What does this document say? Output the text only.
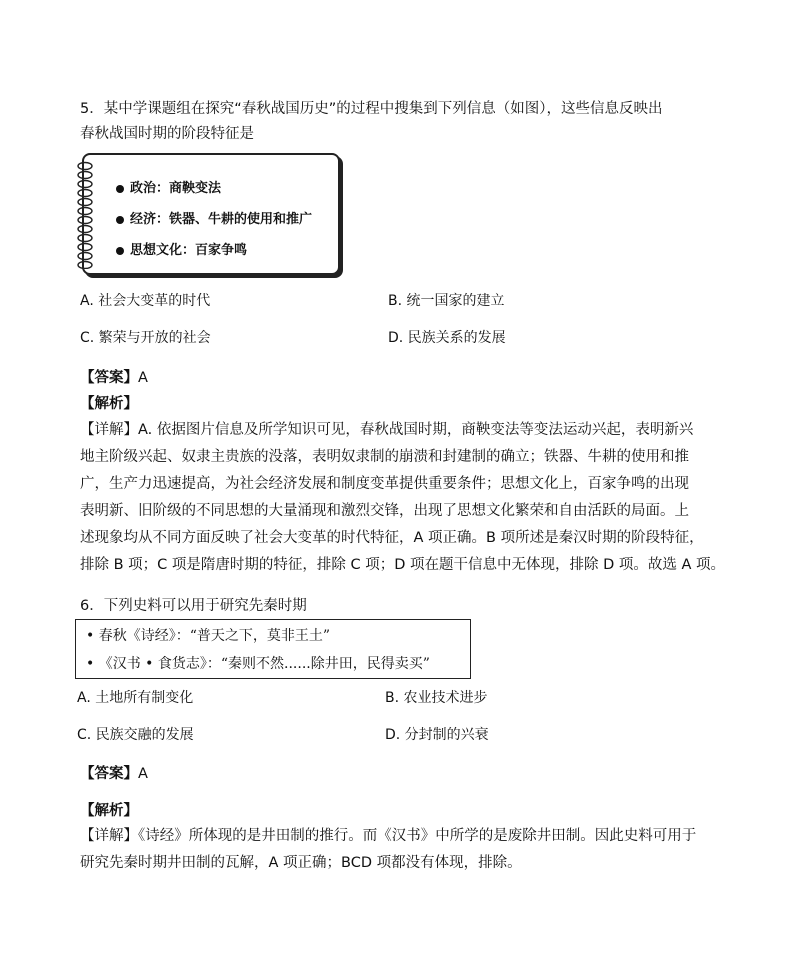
5．某中学课题组在探究“春秋战国历史”的过程中搜集到下列信息（如图），这些信息反映出
春秋战国时期的阶段特征是
政治：商鞅变法
经济：铁器、牛耕的使用和推广
思想文化：百家争鸣
A. 社会大变革的时代	B. 统一国家的建立
C. 繁荣与开放的社会	D. 民族关系的发展
【答案】A
【解析】
【详解】A. 依据图片信息及所学知识可见，春秋战国时期，商鞅变法等变法运动兴起，表明新兴
地主阶级兴起、奴隶主贵族的没落，表明奴隶制的崩溃和封建制的确立；铁器、牛耕的使用和推
广，生产力迅速提高，为社会经济发展和制度变革提供重要条件；思想文化上，百家争鸣的出现
表明新、旧阶级的不同思想的大量涌现和激烈交锋，出现了思想文化繁荣和自由活跃的局面。上
述现象均从不同方面反映了社会大变革的时代特征，A 项正确。B 项所述是秦汉时期的阶段特征，
排除 B 项；C 项是隋唐时期的特征，排除 C 项；D 项在题干信息中无体现，排除 D 项。故选 A 项。
6．下列史料可以用于研究先秦时期
• 春秋《诗经》：“普天之下，莫非王土”
• 《汉书 • 食货志》：“秦则不然......除井田，民得卖买”
A. 土地所有制变化	B. 农业技术进步
C. 民族交融的发展	D. 分封制的兴衰
【答案】A
【解析】
【详解】《诗经》所体现的是井田制的推行。而《汉书》中所学的是废除井田制。因此史料可用于
研究先秦时期井田制的瓦解，A 项正确；BCD 项都没有体现，排除。
